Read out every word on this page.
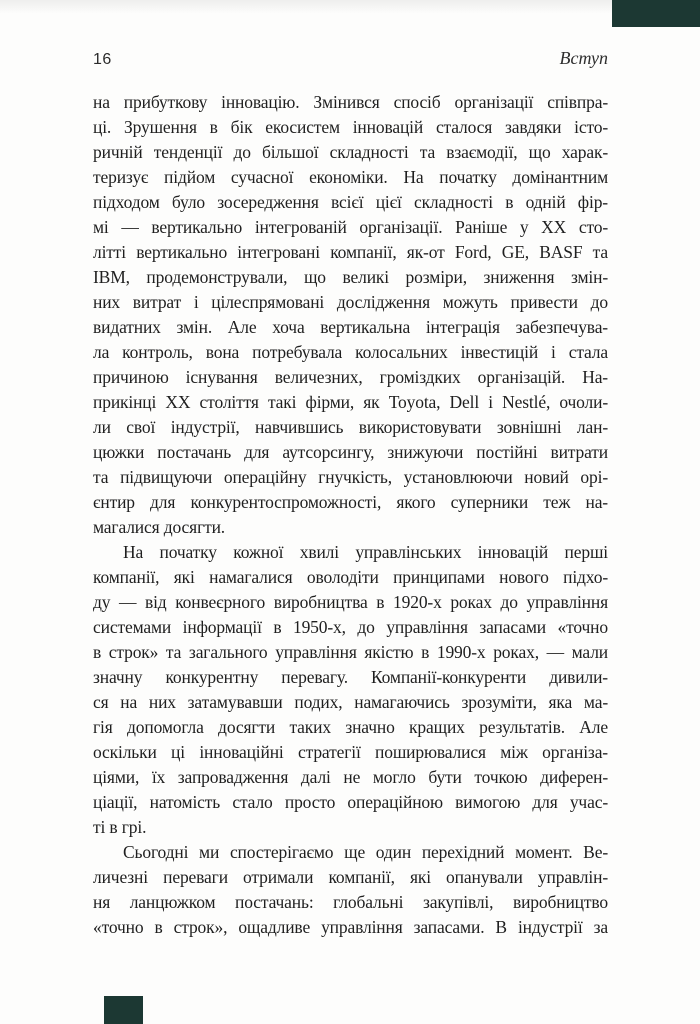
16	Вступ
на прибуткову інновацію. Змінився спосіб організації співпра-
ці. Зрушення в бік екосистем інновацій сталося завдяки істо-
ричній тенденції до більшої складності та взаємодії, що харак-
теризує підйом сучасної економіки. На початку домінантним
підходом було зосередження всієї цієї складності в одній фір-
мі — вертикально інтегрованій організації. Раніше у ХХ сто-
літті вертикально інтегровані компанії, як-от Ford, GE, BASF та
IBM, продемонстрували, що великі розміри, зниження змін-
них витрат і цілеспрямовані дослідження можуть привести до
видатних змін. Але хоча вертикальна інтеграція забезпечува-
ла контроль, вона потребувала колосальних інвестицій і стала
причиною існування величезних, громіздких організацій. На-
прикінці ХХ століття такі фірми, як Toyota, Dell і Nestlé, очоли-
ли свої індустрії, навчившись використовувати зовнішні лан-
цюжки постачань для аутсорсингу, знижуючи постійні витрати
та підвищуючи операційну гнучкість, установлюючи новий орі-
єнтир для конкурентоспроможності, якого суперники теж на-
магалися досягти.
На початку кожної хвилі управлінських інновацій перші
компанії, які намагалися оволодіти принципами нового підхо-
ду — від конвеєрного виробництва в 1920-х роках до управління
системами інформації в 1950-х, до управління запасами «точно
в строк» та загального управління якістю в 1990-х роках, — мали
значну конкурентну перевагу. Компанії-конкуренти дивили-
ся на них затамувавши подих, намагаючись зрозуміти, яка ма-
гія допомогла досягти таких значно кращих результатів. Але
оскільки ці інноваційні стратегії поширювалися між організа-
ціями, їх запровадження далі не могло бути точкою диферен-
ціації, натомість стало просто операційною вимогою для учас-
ті в грі.
Сьогодні ми спостерігаємо ще один перехідний момент. Ве-
личезні переваги отримали компанії, які опанували управлін-
ня ланцюжком постачань: глобальні закупівлі, виробництво
«точно в строк», ощадливе управління запасами. В індустрії за
